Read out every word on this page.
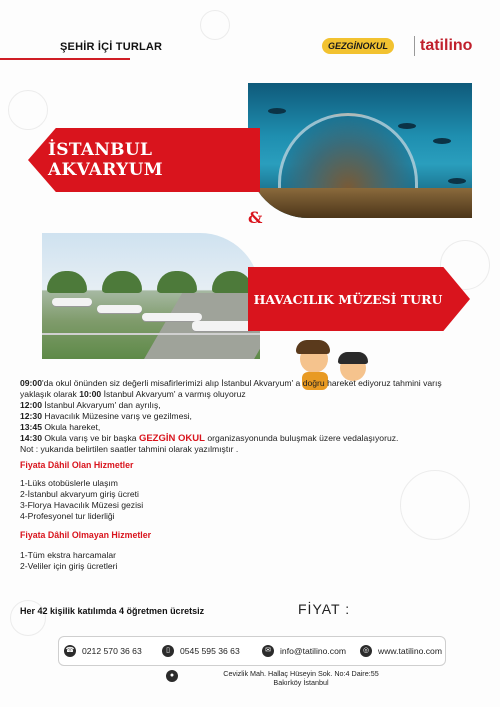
ŞEHİR İÇİ TURLAR	GEZGİNOKUL	tatilino
İSTANBUL AKVARYUM
&
HAVACILIK MÜZESİ TURU
09:00'da okul önünden siz değerli misafirlerimizi alıp İstanbul Akvaryum' a doğru hareket ediyoruz tahmini varış
yaklaşık olarak 10:00 İstanbul Akvaryum' a varmış oluyoruz
12:00 İstanbul Akvaryum' dan ayrılış,
12:30 Havacılık Müzesine varış ve gezilmesi,
13:45 Okula hareket,
14:30 Okula varış ve bir başka GEZGİN OKUL organizasyonunda buluşmak üzere vedalaşıyoruz.
Not : yukarıda belirtilen saatler tahmini olarak yazılmıştır .
Fiyata Dâhil Olan Hizmetler
1-Lüks otobüslerle ulaşım
2-İstanbul akvaryum giriş ücreti
3-Florya Havacılık Müzesi gezisi
4-Profesyonel tur liderliği
Fiyata Dâhil Olmayan Hizmetler
1-Tüm ekstra harcamalar
2-Veliler için giriş ücretleri
Her 42 kişilik katılımda 4 öğretmen ücretsiz	FİYAT :
☎ 0212 570 36 63	▯	0545 595 36 63	✉	info@tatilino.com	◎	www.tatilino.com
●	Cevizlik Mah. Hallaç Hüseyin Sok. No:4 Daire:55
Bakırköy İstanbul
